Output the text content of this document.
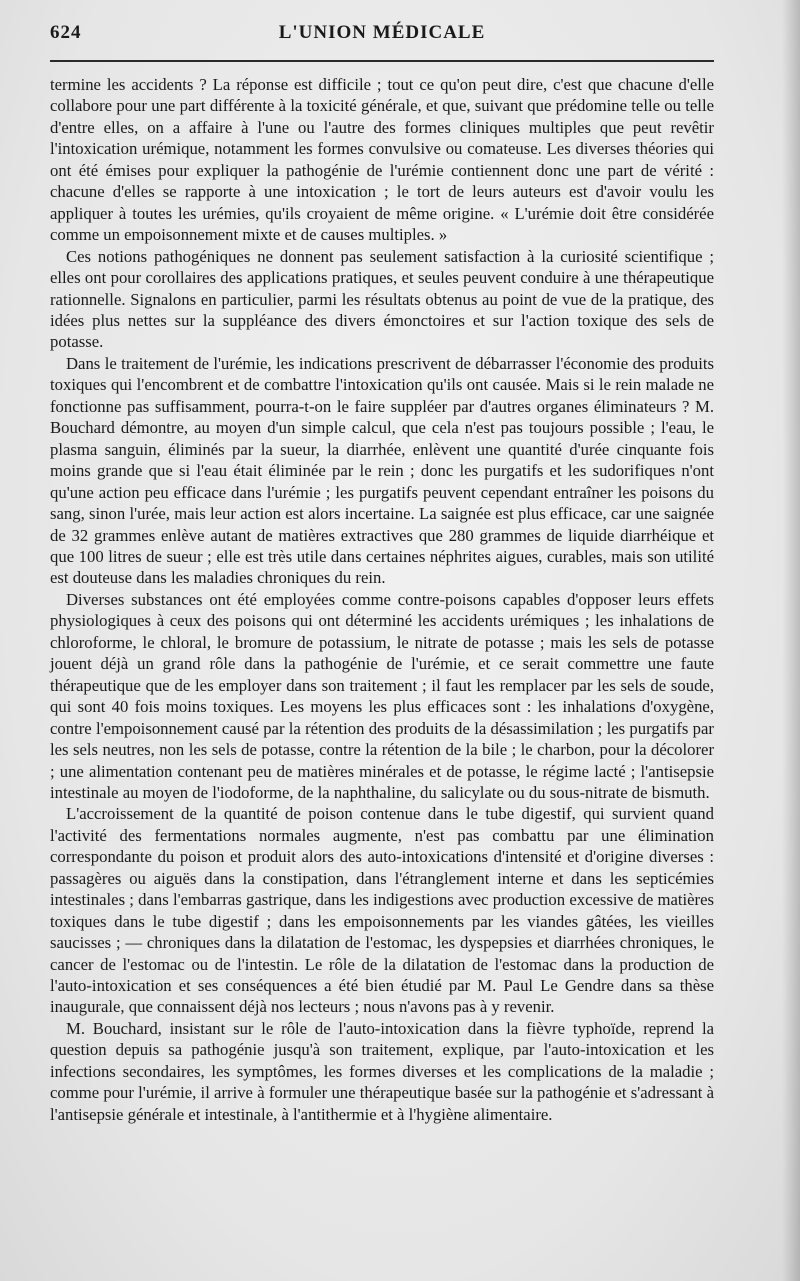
624	L'UNION MÉDICALE

termine les accidents ? La réponse est difficile ; tout ce qu'on peut dire, c'est que chacune d'elle collabore pour une part différente à la toxicité générale, et que, suivant que prédomine telle ou telle d'entre elles, on a affaire à l'une ou l'autre des formes cliniques multiples que peut revêtir l'intoxication urémique, notamment les formes convulsive ou comateuse. Les diverses théories qui ont été émises pour expliquer la pathogénie de l'urémie contiennent donc une part de vérité : chacune d'elles se rapporte à une intoxication ; le tort de leurs auteurs est d'avoir voulu les appliquer à toutes les urémies, qu'ils croyaient de même origine. « L'urémie doit être considérée comme un empoisonnement mixte et de causes multiples. »

Ces notions pathogéniques ne donnent pas seulement satisfaction à la curiosité scientifique ; elles ont pour corollaires des applications pratiques, et seules peuvent conduire à une thérapeutique rationnelle. Signalons en particulier, parmi les résultats obtenus au point de vue de la pratique, des idées plus nettes sur la suppléance des divers émonctoires et sur l'action toxique des sels de potasse.

Dans le traitement de l'urémie, les indications prescrivent de débarrasser l'économie des produits toxiques qui l'encombrent et de combattre l'intoxication qu'ils ont causée. Mais si le rein malade ne fonctionne pas suffisamment, pourra-t-on le faire suppléer par d'autres organes éliminateurs ? M. Bouchard démontre, au moyen d'un simple calcul, que cela n'est pas toujours possible ; l'eau, le plasma sanguin, éliminés par la sueur, la diarrhée, enlèvent une quantité d'urée cinquante fois moins grande que si l'eau était éliminée par le rein ; donc les purgatifs et les sudorifiques n'ont qu'une action peu efficace dans l'urémie ; les purgatifs peuvent cependant entraîner les poisons du sang, sinon l'urée, mais leur action est alors incertaine. La saignée est plus efficace, car une saignée de 32 grammes enlève autant de matières extractives que 280 grammes de liquide diarrhéique et que 100 litres de sueur ; elle est très utile dans certaines néphrites aigues, curables, mais son utilité est douteuse dans les maladies chroniques du rein.

Diverses substances ont été employées comme contre-poisons capables d'opposer leurs effets physiologiques à ceux des poisons qui ont déterminé les accidents urémiques ; les inhalations de chloroforme, le chloral, le bromure de potassium, le nitrate de potasse ; mais les sels de potasse jouent déjà un grand rôle dans la pathogénie de l'urémie, et ce serait commettre une faute thérapeutique que de les employer dans son traitement ; il faut les remplacer par les sels de soude, qui sont 40 fois moins toxiques. Les moyens les plus efficaces sont : les inhalations d'oxygène, contre l'empoisonnement causé par la rétention des produits de la désassimilation ; les purgatifs par les sels neutres, non les sels de potasse, contre la rétention de la bile ; le charbon, pour la décolorer ; une alimentation contenant peu de matières minérales et de potasse, le régime lacté ; l'antisepsie intestinale au moyen de l'iodoforme, de la naphthaline, du salicylate ou du sous-nitrate de bismuth.

L'accroissement de la quantité de poison contenue dans le tube digestif, qui survient quand l'activité des fermentations normales augmente, n'est pas combattu par une élimination correspondante du poison et produit alors des auto-intoxications d'intensité et d'origine diverses : passagères ou aiguës dans la constipation, dans l'étranglement interne et dans les septicémies intestinales ; dans l'embarras gastrique, dans les indigestions avec production excessive de matières toxiques dans le tube digestif ; dans les empoisonnements par les viandes gâtées, les vieilles saucisses ; — chroniques dans la dilatation de l'estomac, les dyspepsies et diarrhées chroniques, le cancer de l'estomac ou de l'intestin. Le rôle de la dilatation de l'estomac dans la production de l'auto-intoxication et ses conséquences a été bien étudié par M. Paul Le Gendre dans sa thèse inaugurale, que connaissent déjà nos lecteurs ; nous n'avons pas à y revenir.

M. Bouchard, insistant sur le rôle de l'auto-intoxication dans la fièvre typhoïde, reprend la question depuis sa pathogénie jusqu'à son traitement, explique, par l'auto-intoxication et les infections secondaires, les symptômes, les formes diverses et les complications de la maladie ; comme pour l'urémie, il arrive à formuler une thérapeutique basée sur la pathogénie et s'adressant à l'antisepsie générale et intestinale, à l'antithermie et à l'hygiène alimentaire.
